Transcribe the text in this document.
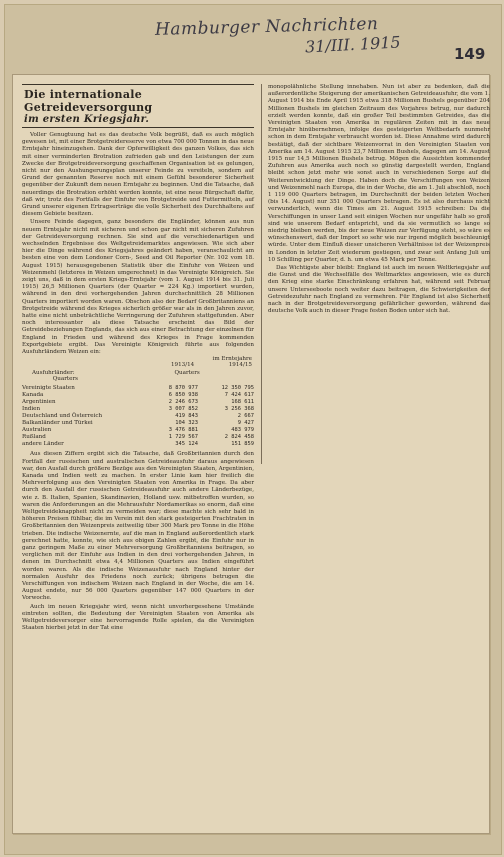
Hamburger Nachrichten
31/III. 1915	149
Die internationale Getreideversorgung
im ersten Kriegsjahr.

Voller Genugtuung hat es das deutsche Volk begrüßt, daß es auch möglich gewesen ist, mit einer Brotgetreidereserve von etwa 700 000 Tonnen in das neue Erntejahr hineinzugehen. Dank der Opferwilligkeit des ganzen Volkes, das sich mit einer verminderten Brotration zufrieden gab und den Leistungen der zum Zwecke der Brotgetreideversorgung geschaffenen Organisation ist es gelungen, nicht nur den Aushungerungsplan unserer Feinde zu vereiteln, sondern auf Grund der genannten Reserve noch mit einem Gefühl besonderer Sicherheit gegenüber der Zukunft dem neuen Erntejahr zu beginnen. Und die Tatsache, daß neuerdings die Brotration erhöht werden konnte, ist eine neue Bürgschaft dafür, daß wir, trotz des Fortfalls der Einfuhr von Brotgetreide und Futtermitteln, auf Grund unserer eigenen Ertragserträge die volle Sicherheit des Durchhaltens auf diesem Gebiete besitzen.

Unsere Feinde dagegen, ganz besonders die Engländer, können aus nun neuem Erntejahr nicht mit sicheren und schon gar nicht mit sicheren Zufuhren der Getreideversorgung rechnen. Sie sind auf die verschiedenartigen und wechselnden Ergebnisse des Weltgetreidemarktes angewiesen. Wie sich aber hier die Dinge während des Kriegsjahres geändert haben, veranschaulicht am besten eine von dem Londoner Corn-, Seed and Oil Reporter (Nr. 102 vom 18. August 1915) herausgegebenen Statistik über die Einfuhr von Weizen und Weizenmehl (letzteres in Weizen umgerechnet) in das Vereinigte Königreich. Sie zeigt uns, daß in dem ersten Kriegs-Erntejahr (vom 1. August 1914 bis 31. Juli 1915) 26,5 Millionen Quarters (der Quarter = 224 Kg.) importiert wurden, während in den drei vorhergehenden Jahren durchschnittlich 28 Millionen Quarters importiert worden waren. Obschon also der Bedarf Großbritanniens an Brotgetreide während des Krieges sicherlich größer war als in den Jahren zuvor, hatte eine nicht unbeträchtliche Verringerung der Zufuhren stattgefunden. Aber noch interessanter als diese Tatsache erscheint das Bild der Getreidebeziehungen Englands, das sich aus einer Betrachtung der einzelnen für England in Frieden und während des Krieges in Frage kommenden Exportgebiete ergibt. Das Vereinigte Königreich führte aus folgenden Ausfuhrländern Weizen ein:

im Erntejahre
1913/14	1914/15
Ausfuhrländer:	Quarters Quarters
Vereinigte Staaten	8 870 977	12 350 795
Kanada	6 850 938	7 424 617
Argentinien	2 246 673	168 611
Indien	3 007 852	3 256 368
Deutschland und Österreich	419 843	2 667
Balkanländer und Türkei	104 323	9 427
Australien	3 476 881	483 979
Rußland	1 729 567	2 824 458
andere Länder	345 124	151 859

Aus diesen Ziffern ergibt sich die Tatsache, daß Großbritannien durch den Fortfall der russischen und australischen Getreideausfuhr daraus angewiesen war, den Ausfall durch größere Bezüge aus den Vereinigten Staaten, Argentinien, Kanada und Indien wett zu machen. In erster Linie kam hier freilich die Mehrverfolgung aus den Vereinigten Staaten von Amerika in Frage. Da aber durch den Ausfall der russischen Getreideausfuhr auch andere Länderbezüge, wie z. B. Italien, Spanien, Skandinavien, Holland usw. mitbetroffen wurden, so waren die Anforderungen an die Mehrausfuhr Nordamerikas so enorm, daß eine Weltgetreideknappheit nicht zu vermeiden war; diese machte sich sehr bald in höheren Preisen fühlbar, die im Verein mit den stark gesteigerten Frachtraten in Großbritannien den Weizenpreis zeitweilig über 300 Mark pro Tonne in die Höhe trieben. Die indische Weizenernte, auf die man in England außerordentlich stark gerechnet hatte, konnte, wie sich aus obigen Zahlen ergibt, die Einfuhr nur in ganz geringem Maße zu einer Mehrversorgung Großbritanniens beitragen, so verglichen mit der Einfuhr aus Indien in den drei vorhergehenden Jahren, in denen im Durchschnitt etwa 4,4 Millionen Quarters aus Indien eingeführt worden waren. Als die indische Weizenausfuhr nach England hinter der normalen Ausfuhr des Friedens noch zurück; übrigens betrugen die Verschiffungen von indischem Weizen nach England in der Woche, die am 14. August endete, nur 56 000 Quarters gegenüber 147 000 Quarters in der Vorwoche.

Auch im neuen Kriegsjahr wird, wenn nicht unvorhergesehene Umstände eintreten sollten, die Bedeutung der Vereinigten Staaten von Amerika als Weltgetreideversorger eine hervorragende Rolle spielen, da die Vereinigten Staaten hierbei jetzt in der Tat eine

monopolähnliche Stellung innehaben. Nun ist aber zu bedenken, daß die außerordentliche Steigerung der amerikanischen Getreideausfuhr, die vom 1. August 1914 bis Ende April 1915 etwa 318 Millionen Bushels gegenüber 204 Millionen Bushels im gleichen Zeitraum des Vorjahres betrug, nur dadurch erzielt werden konnte, daß ein großer Teil bestimmten Getreides, das die Vereinigten Staaten von Amerika in regulären Zeiten mit in das neue Erntejahr hinübernehmen, infolge des gesteigerten Weltbedarfs nunmehr schon in dem Erntejahr verbraucht worden ist. Diese Annahme wird dadurch bestätigt, daß der sichtbare Weizenvorrat in den Vereinigten Staaten von Amerika am 14. August 1915 23,7 Millionen Bushels, dagegen am 14. August 1915 nur 14,5 Millionen Bushels betrug. Mögen die Aussichten kommender Zufuhren aus Amerika auch noch so günstig dargestellt werden, England bleibt schon jetzt mehr wie sonst auch in verschiedenen Sorge auf die Weiterentwicklung der Dinge. Haben doch die Verschiffungen von Weizen und Weizenmehl nach Europa, die in der Woche, die am 1. Juli abschloß, noch 1 119 000 Quarters betragen, im Durchschnitt der beiden letzten Wochen (bis 14. August) nur 351 000 Quarters betragen. Es ist also durchaus nicht verwunderlich, wenn die Times am 21. August 1915 schreiben: Da die Verschiffungen in unser Land seit einigen Wochen nur ungefähr halb so groß sind wie unserem Bedarf entspricht, und da sie vermutlich so lange so niedrig bleiben werden, bis der neue Weizen zur Verfügung steht, so wäre es wünschenswert, daß der Import so sehr wie nur irgend möglich beschleunigt würde. Unter dem Einfluß dieser unsicheren Verhältnisse ist der Weizenpreis in London in letzter Zeit wiederum gestiegen, und zwar seit Anfang Juli um 10 Schilling per Quarter, d. h. um etwa 45 Mark per Tonne.

Das Wichtigste aber bleibt: England ist auch im neuen Weltkriegsjahr auf die Gunst und die Wechselfälle des Weltmarktes angewiesen, wie es durch den Krieg eine starke Einschränkung erfahren hat, während seit Februar unsere Unterseeboote noch weiter dazu beitragen, die Schwierigkeiten der Getreidezufuhr nach England zu vermehren. Für England ist also Sicherheit nach in der Brotgetreideversorgung gefährlicher geworden, während das deutsche Volk auch in dieser Frage festen Boden unter sich hat.
